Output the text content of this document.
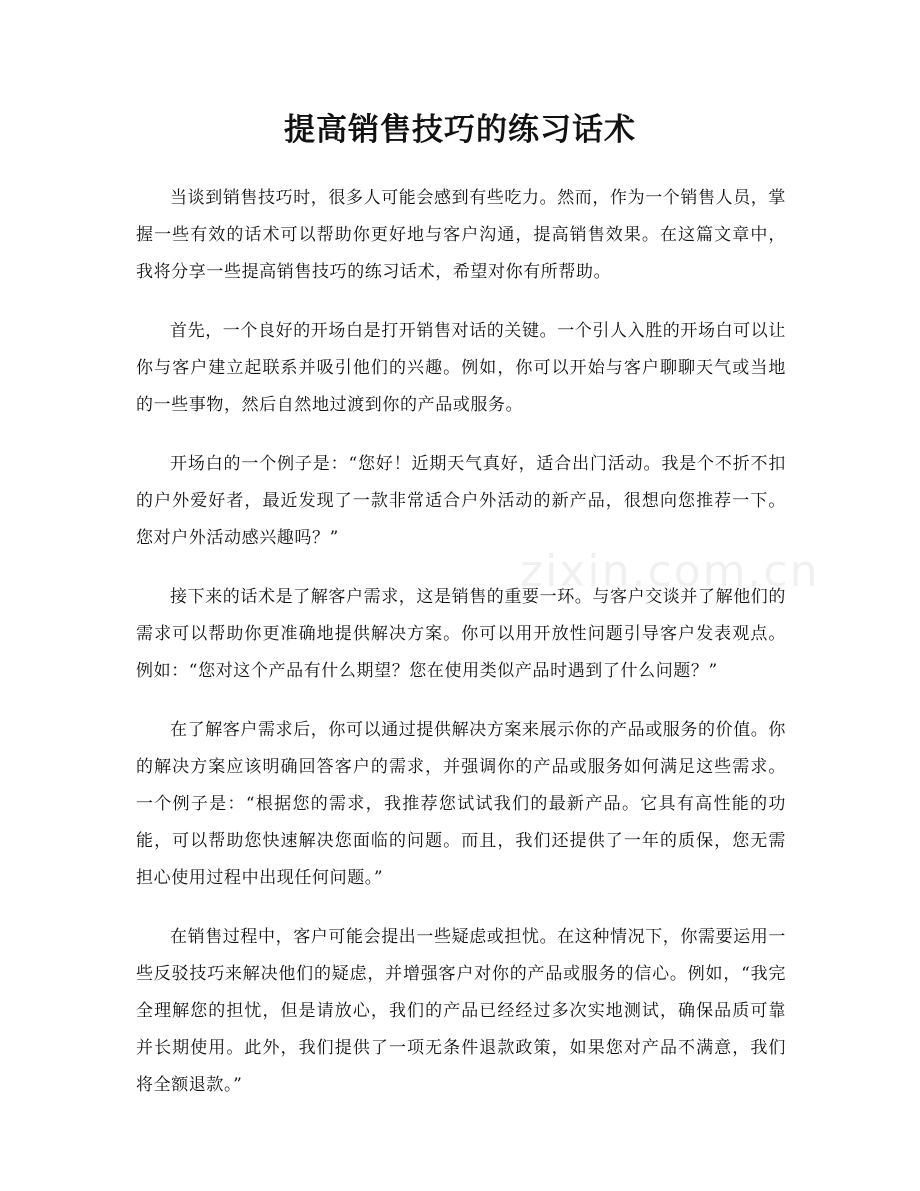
提高销售技巧的练习话术

当谈到销售技巧时，很多人可能会感到有些吃力。然而，作为一个销售人员，掌握一些有效的话术可以帮助你更好地与客户沟通，提高销售效果。在这篇文章中，我将分享一些提高销售技巧的练习话术，希望对你有所帮助。

首先，一个良好的开场白是打开销售对话的关键。一个引人入胜的开场白可以让你与客户建立起联系并吸引他们的兴趣。例如，你可以开始与客户聊聊天气或当地的一些事物，然后自然地过渡到你的产品或服务。

开场白的一个例子是：“您好！近期天气真好，适合出门活动。我是个不折不扣的户外爱好者，最近发现了一款非常适合户外活动的新产品，很想向您推荐一下。您对户外活动感兴趣吗？”

接下来的话术是了解客户需求，这是销售的重要一环。与客户交谈并了解他们的需求可以帮助你更准确地提供解决方案。你可以用开放性问题引导客户发表观点。例如：“您对这个产品有什么期望？您在使用类似产品时遇到了什么问题？”

在了解客户需求后，你可以通过提供解决方案来展示你的产品或服务的价值。你的解决方案应该明确回答客户的需求，并强调你的产品或服务如何满足这些需求。一个例子是：“根据您的需求，我推荐您试试我们的最新产品。它具有高性能的功能，可以帮助您快速解决您面临的问题。而且，我们还提供了一年的质保，您无需担心使用过程中出现任何问题。”

在销售过程中，客户可能会提出一些疑虑或担忧。在这种情况下，你需要运用一些反驳技巧来解决他们的疑虑，并增强客户对你的产品或服务的信心。例如，“我完全理解您的担忧，但是请放心，我们的产品已经经过多次实地测试，确保品质可靠并长期使用。此外，我们提供了一项无条件退款政策，如果您对产品不满意，我们将全额退款。”

zixin.com.cn
